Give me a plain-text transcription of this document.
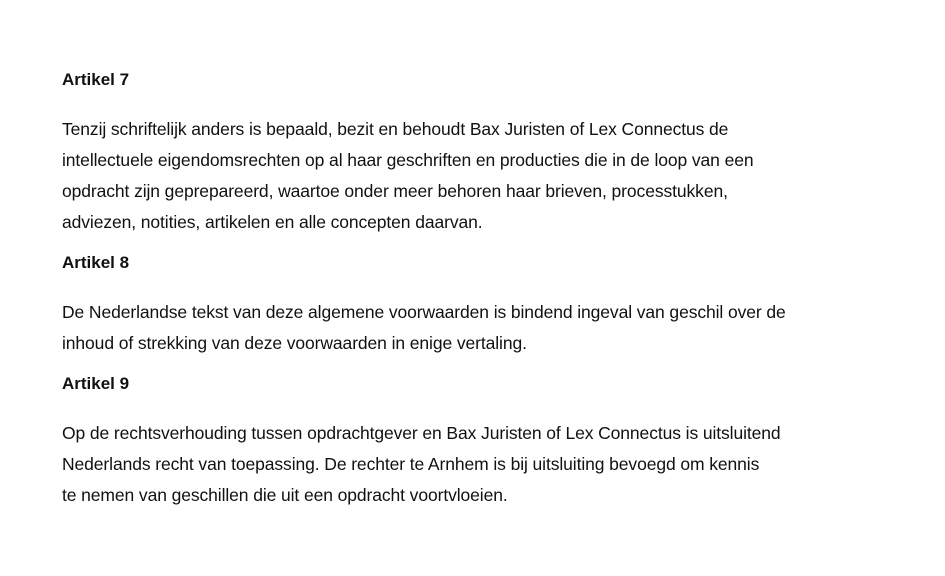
Artikel 7

Tenzij schriftelijk anders is bepaald, bezit en behoudt Bax Juristen of Lex Connectus de
intellectuele eigendomsrechten op al haar geschriften en producties die in de loop van een
opdracht zijn geprepareerd, waartoe onder meer behoren haar brieven, processtukken,
adviezen, notities, artikelen en alle concepten daarvan.

Artikel 8

De Nederlandse tekst van deze algemene voorwaarden is bindend ingeval van geschil over de
inhoud of strekking van deze voorwaarden in enige vertaling.

Artikel 9

Op de rechtsverhouding tussen opdrachtgever en Bax Juristen of Lex Connectus is uitsluitend
Nederlands recht van toepassing. De rechter te Arnhem is bij uitsluiting bevoegd om kennis
te nemen van geschillen die uit een opdracht voortvloeien.
